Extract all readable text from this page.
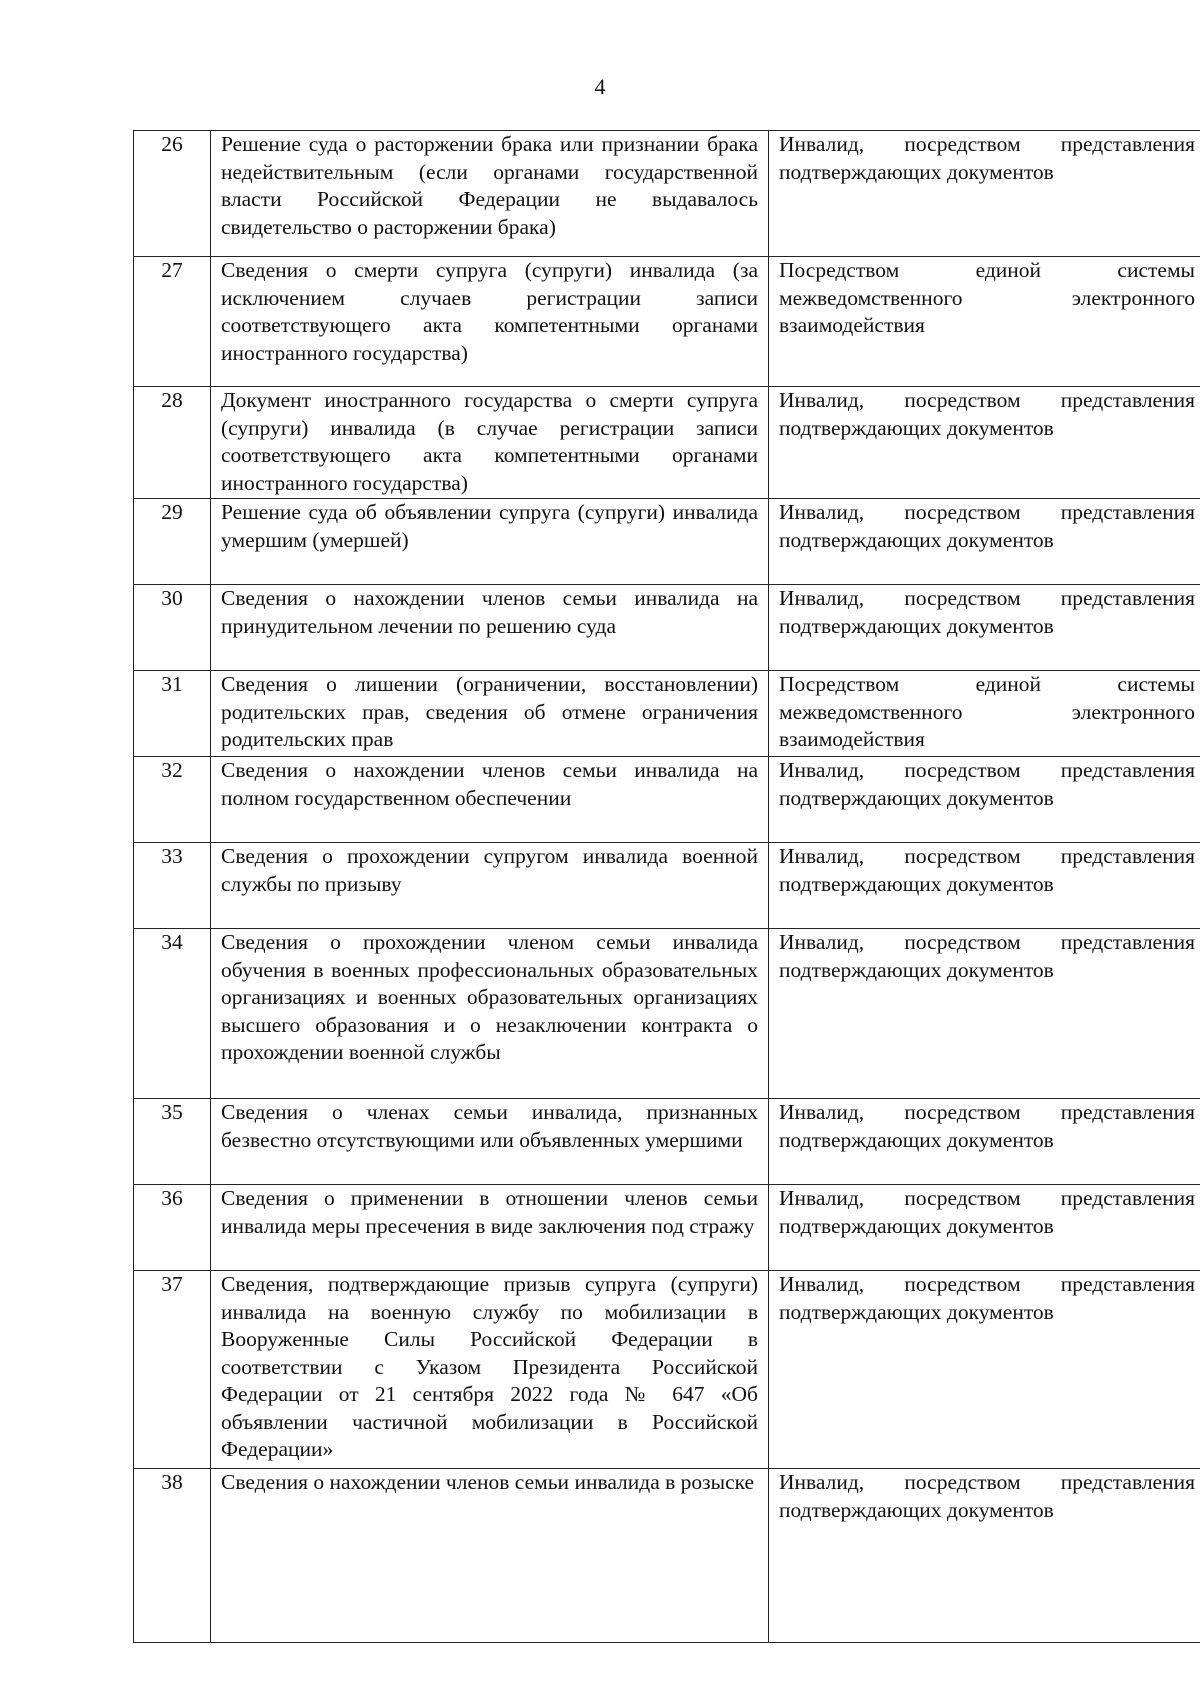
4
26	Решение суда о расторжении брака или признании брака недействительным (если органами государственной власти Российской Федерации не выдавалось свидетельство о расторжении брака)	Инвалид, посредством представления подтверждающих документов
27	Сведения о смерти супруга (супруги) инвалида (за исключением случаев регистрации записи соответствующего акта компетентными органами иностранного государства)	Посредством единой системы межведомственного электронного взаимодействия
28	Документ иностранного государства о смерти супруга (супруги) инвалида (в случае регистрации записи соответствующего акта компетентными органами иностранного государства)	Инвалид, посредством представления подтверждающих документов
29	Решение суда об объявлении супруга (супруги) инвалида умершим (умершей)	Инвалид, посредством представления подтверждающих документов
30	Сведения о нахождении членов семьи инвалида на принудительном лечении по решению суда	Инвалид, посредством представления подтверждающих документов
31	Сведения о лишении (ограничении, восстановлении) родительских прав, сведения об отмене ограничения родительских прав	Посредством единой системы межведомственного электронного взаимодействия
32	Сведения о нахождении членов семьи инвалида на полном государственном обеспечении	Инвалид, посредством представления подтверждающих документов
33	Сведения о прохождении супругом инвалида военной службы по призыву	Инвалид, посредством представления подтверждающих документов
34	Сведения о прохождении членом семьи инвалида обучения в военных профессиональных образовательных организациях и военных образовательных организациях высшего образования и о незаключении контракта о прохождении военной службы	Инвалид, посредством представления подтверждающих документов
35	Сведения о членах семьи инвалида, признанных безвестно отсутствующими или объявленных умершими	Инвалид, посредством представления подтверждающих документов
36	Сведения о применении в отношении членов семьи инвалида меры пресечения в виде заключения под стражу	Инвалид, посредством представления подтверждающих документов
37	Сведения, подтверждающие призыв супруга (супруги) инвалида на военную службу по мобилизации в Вооруженные Силы Российской Федерации в соответствии с Указом Президента Российской Федерации от 21 сентября 2022 года № 647 «Об объявлении частичной мобилизации в Российской Федерации»	Инвалид, посредством представления подтверждающих документов
38	Сведения о нахождении членов семьи инвалида в розыске	Инвалид, посредством представления подтверждающих документов
